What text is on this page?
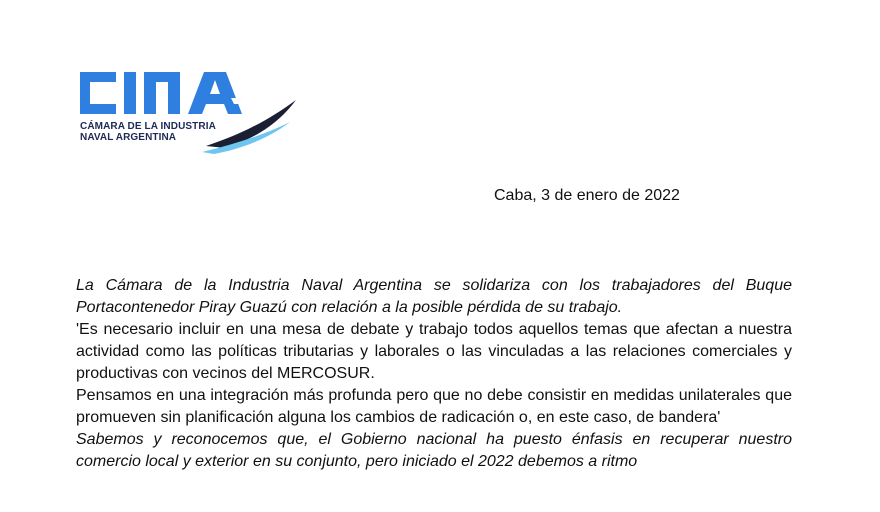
CÁMARA DE LA INDUSTRIA
NAVAL ARGENTINA
Caba, 3 de enero de 2022

La Cámara de la Industria Naval Argentina se solidariza con los trabajadores del Buque Portacontenedor Piray Guazú con relación a la posible pérdida de su trabajo.

'Es necesario incluir en una mesa de debate y trabajo todos aquellos temas que afectan a nuestra actividad como las políticas tributarias y laborales o las vinculadas a las relaciones comerciales y productivas con vecinos del MERCOSUR.

Pensamos en una integración más profunda pero que no debe consistir en medidas unilaterales que promueven sin planificación alguna los cambios de radicación o, en este caso, de bandera'

Sabemos y reconocemos que, el Gobierno nacional ha puesto énfasis en recuperar nuestro comercio local y exterior en su conjunto, pero iniciado el 2022 debemos a ritmo
